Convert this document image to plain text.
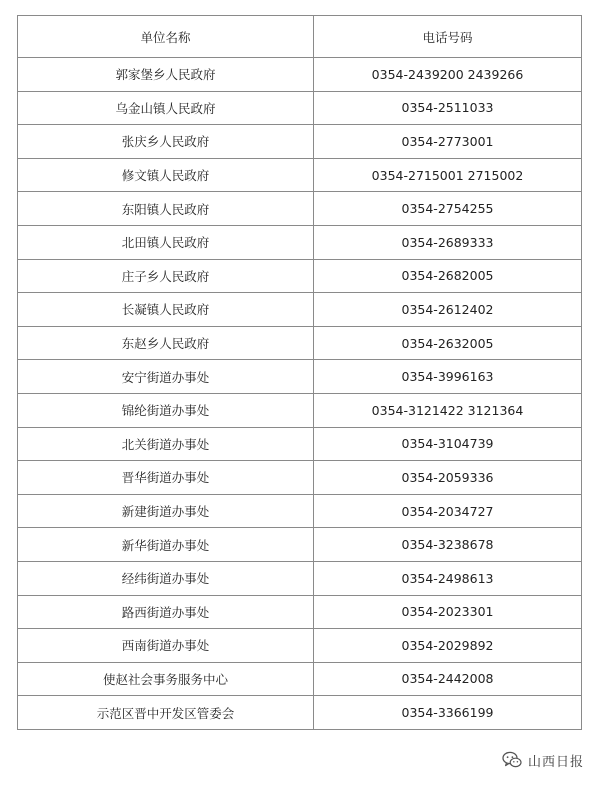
单位名称	电话号码
郭家堡乡人民政府	0354-2439200 2439266
乌金山镇人民政府	0354-2511033
张庆乡人民政府	0354-2773001
修文镇人民政府	0354-2715001 2715002
东阳镇人民政府	0354-2754255
北田镇人民政府	0354-2689333
庄子乡人民政府	0354-2682005
长凝镇人民政府	0354-2612402
东赵乡人民政府	0354-2632005
安宁街道办事处	0354-3996163
锦纶街道办事处	0354-3121422 3121364
北关街道办事处	0354-3104739
晋华街道办事处	0354-2059336
新建街道办事处	0354-2034727
新华街道办事处	0354-3238678
经纬街道办事处	0354-2498613
路西街道办事处	0354-2023301
西南街道办事处	0354-2029892
使赵社会事务服务中心	0354-2442008
示范区晋中开发区管委会	0354-3366199
山西日报
